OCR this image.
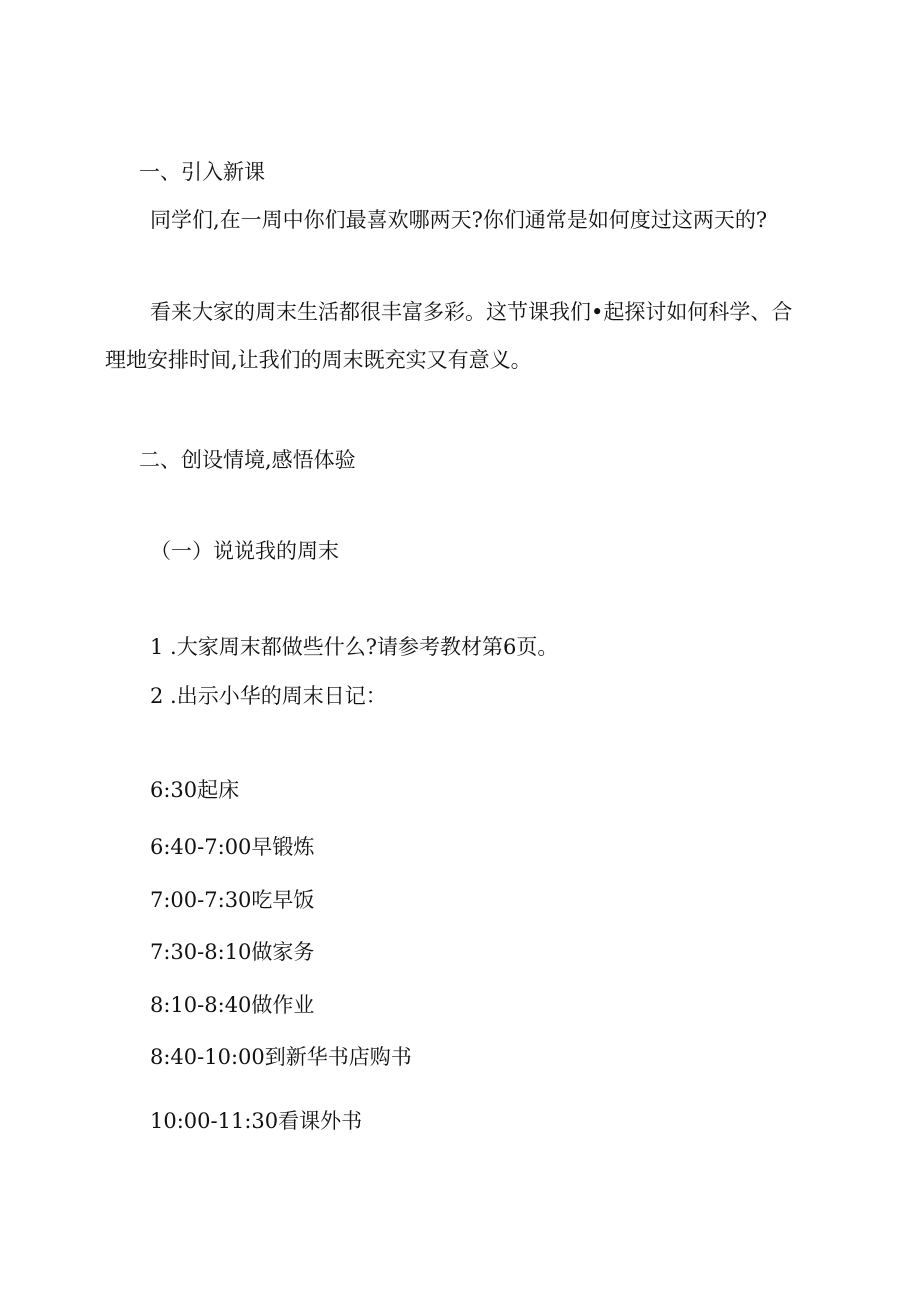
一、引入新课

同学们,在一周中你们最喜欢哪两天?你们通常是如何度过这两天的?

看来大家的周末生活都很丰富多彩。这节课我们•起探讨如何科学、合

理地安排时间,让我们的周末既充实又有意义。

二、创设情境,感悟体验

（一）说说我的周末

1 .大家周末都做些什么?请参考教材第6页。

2 .出示小华的周末日记：

6:30起床

6:40-7:00早锻炼

7:00-7:30吃早饭

7:30-8:10做家务

8:10-8:40做作业

8:40-10:00到新华书店购书

10:00-11:30看课外书
